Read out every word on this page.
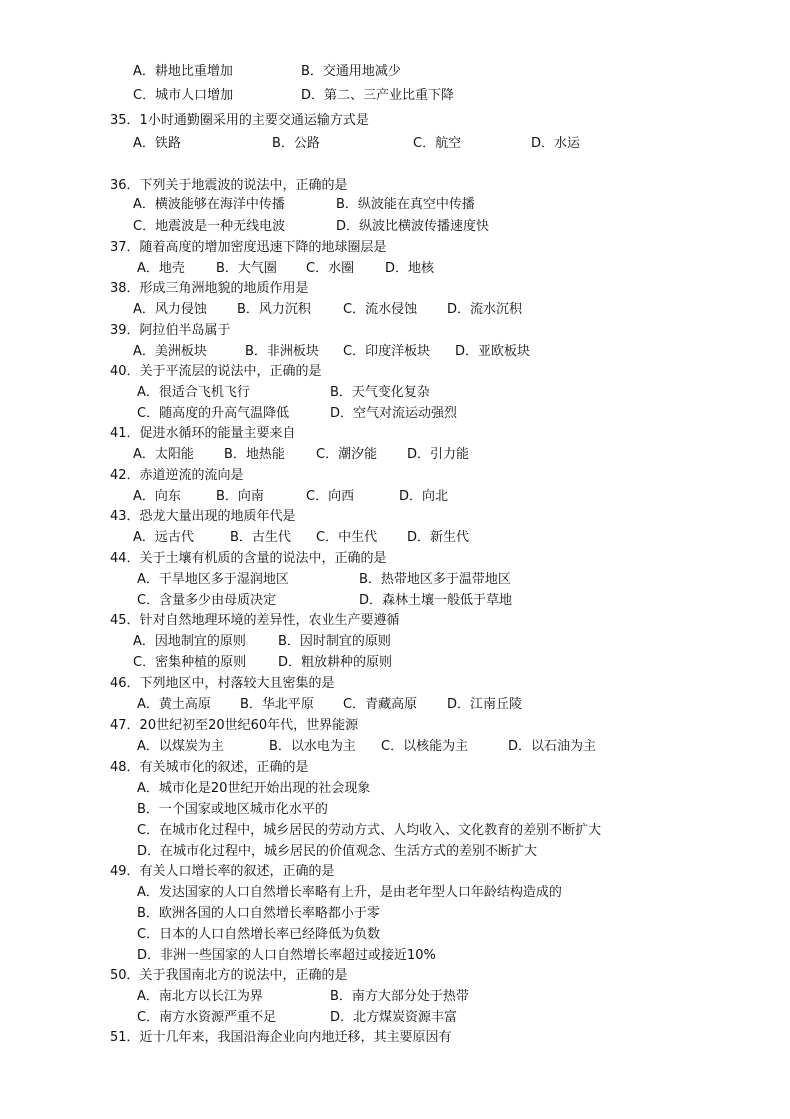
A．耕地比重增加	B．交通用地减少
C．城市人口增加	D．第二、三产业比重下降
35．1小时通勤圈采用的主要交通运输方式是
A．铁路	B．公路	C．航空	D．水运
36．下列关于地震波的说法中，正确的是
A．横波能够在海洋中传播	B．纵波能在真空中传播
C．地震波是一种无线电波	D．纵波比横波传播速度快
37．随着高度的增加密度迅速下降的地球圈层是
A．地壳 B．大气圈 C．水圈 D．地核
38．形成三角洲地貌的地质作用是
A．风力侵蚀 B．风力沉积 C．流水侵蚀 D．流水沉积
39．阿拉伯半岛属于
A．美洲板块	B．非洲板块 C．印度洋板块 D．亚欧板块
40．关于平流层的说法中，正确的是
A．很适合飞机飞行	B．天气变化复杂
C．随高度的升高气温降低	D．空气对流运动强烈
41．促进水循环的能量主要来自
A．太阳能 B．地热能 C．潮汐能 D．引力能
42．赤道逆流的流向是
A．向东	B．向南	C．向西	D．向北
43．恐龙大量出现的地质年代是
A．远古代	B．古生代 C．中生代 D．新生代
44．关于土壤有机质的含量的说法中，正确的是
A．干旱地区多于湿润地区	B．热带地区多于温带地区
C．含量多少由母质决定	D．森林土壤一般低于草地
45．针对自然地理环境的差异性，农业生产要遵循
A．因地制宜的原则 B．因时制宜的原则
C．密集种植的原则 D．粗放耕种的原则
46．下列地区中，村落较大且密集的是
A．黄土高原 B．华北平原 C．青藏高原 D．江南丘陵
47．20世纪初至20世纪60年代，世界能源
A．以煤炭为主	B．以水电为主 C．以核能为主	D．以石油为主
48．有关城市化的叙述，正确的是
A．城市化是20世纪开始出现的社会现象
B．一个国家或地区城市化水平的
C．在城市化过程中，城乡居民的劳动方式、人均收入、文化教育的差别不断扩大
D．在城市化过程中，城乡居民的价值观念、生活方式的差别不断扩大
49．有关人口增长率的叙述，正确的是
A．发达国家的人口自然增长率略有上升，是由老年型人口年龄结构造成的
B．欧洲各国的人口自然增长率略都小于零
C．日本的人口自然增长率已经降低为负数
D．非洲一些国家的人口自然增长率超过或接近10%
50．关于我国南北方的说法中，正确的是
A．南北方以长江为界	B．南方大部分处于热带
C．南方水资源严重不足	D．北方煤炭资源丰富
51．近十几年来，我国沿海企业向内地迁移，其主要原因有
